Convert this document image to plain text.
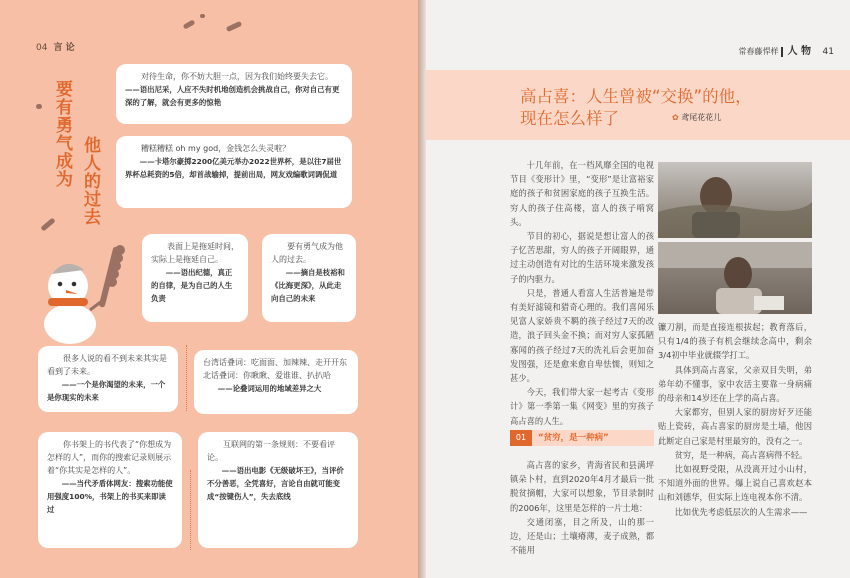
04 言 论
要有勇气成为 他人的过去

对待生命，你不妨大胆一点，因为我们始终要失去它。

——语出尼采，人应不失时机地创造机会挑战自己，你对自己有更深的了解，就会有更多的惊艳

糟糕糟糕 oh my god，金钱怎么失灵啦？

——卡塔尔豪掷2200亿美元举办2022世界杯，是以往7届世界杯总耗资的5倍，却首战输掉，提前出局，网友戏编歌词调侃道

表面上是拖延时间，实际上是拖延自己。

——语出纪德，真正的自律，是为自己的人生负责

要有勇气成为他人的过去。

——摘自是枝裕和《比海更深》，从此走向自己的未来

很多人说的看不到未来其实是看到了未来。

——一个是你渴望的未来，一个是你现实的未来

台湾话叠词：吃面面、加辣辣、走开开东北话叠词：你瞅瞅、爱谁谁、扒扒哈

——论叠词运用的地域差异之大

你书架上的书代表了“你想成为怎样的人”，而你的搜索记录则展示着“你其实是怎样的人”。

——当代矛盾体网友：搜索功能使用强度100%，书架上的书买来即读过

互联网的第一条规则：不要看评论。

——语出电影《无级破坏王》，当评价不分善恶，全凭喜好，言论自由就可能变成“按键伤人”，失去底线

常春藤悍样 人 物 41
高占喜：人生曾被“交换”的他，
现在怎么样了	✿ 鸢尾花花儿

十几年前，在一档风靡全国的电视节目《变形计》里，“变形”是让富裕家庭的孩子和贫困家庭的孩子互换生活。穷人的孩子住高楼，富人的孩子啃窝头。

节目的初心，据说是想让富人的孩子忆苦思甜，穷人的孩子开阔眼界，通过主动创造有对比的生活环境来激发孩子的内驱力。

只是，普通人看富人生活普遍是带有美好滤镜和猎奇心理的。我们喜闻乐见富人家娇贵不羁的孩子经过7天的改造，浪子回头金不换；而对穷人家孤陋寡闻的孩子经过7天的洗礼后会更加奋发图强，还是愈来愈自卑怯懦，则知之甚少。

今天，我们带大家一起考古《变形计》第一季第一集《网变》里的穷孩子高占喜的人生。

01	“贫穷，是一种病”

高占喜的家乡，青海省民和县满坪镇朵卜村，直到2020年4月才最后一批脱贫摘帽，大家可以想象，节目录制时的2006年，这里是怎样的一片土地：

交通闭塞，目之所及，山的那一边，还是山；土壤瘠薄，麦子成熟，都不能用

镰刀割，而是直接连根拔起；教育落后，只有1/4的孩子有机会继续念高中，剩余3/4初中毕业就辍学打工。

具体到高占喜家，父亲双目失明，弟弟年幼不懂事，家中农活主要靠一身病痛的母亲和14岁还在上学的高占喜。

大家都穷，但别人家的厨房好歹还能贴上瓷砖，高占喜家的厨房是土墙，他因此断定自己家是村里最穷的，没有之一。

贫穷，是一种病，高占喜病得不轻。

比如视野受限，从没离开过小山村，不知道外面的世界。爆上说自己喜欢赵本山和刘德华，但实际上连电视本你不清。

比如优先考虑低层次的人生需求——
